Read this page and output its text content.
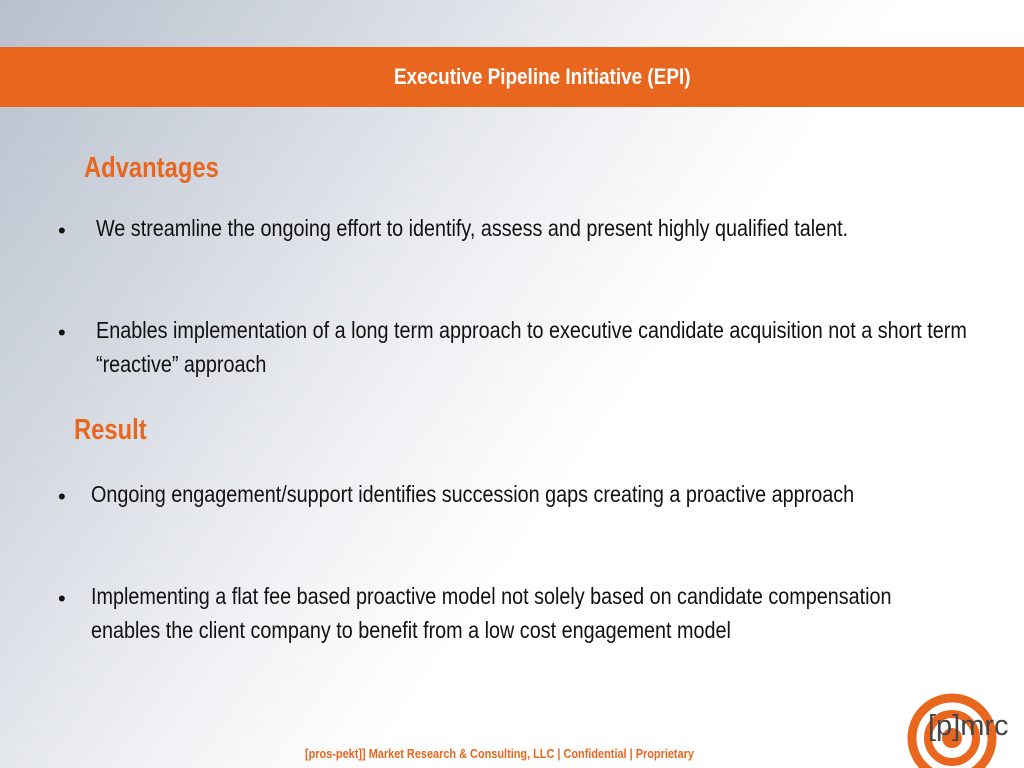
Executive Pipeline Initiative (EPI)
Advantages
• We streamline the ongoing effort to identify, assess and present highly qualified talent.
• Enables implementation of a long term approach to executive candidate acquisition not a short term “reactive” approach
Result
• Ongoing engagement/support identifies succession gaps creating a proactive approach
• Implementing a flat fee based proactive model not solely based on candidate compensation enables the client company to benefit from a low cost engagement model
[pros-pekt]] Market Research & Consulting, LLC | Confidential | Proprietary
[p]mrc
